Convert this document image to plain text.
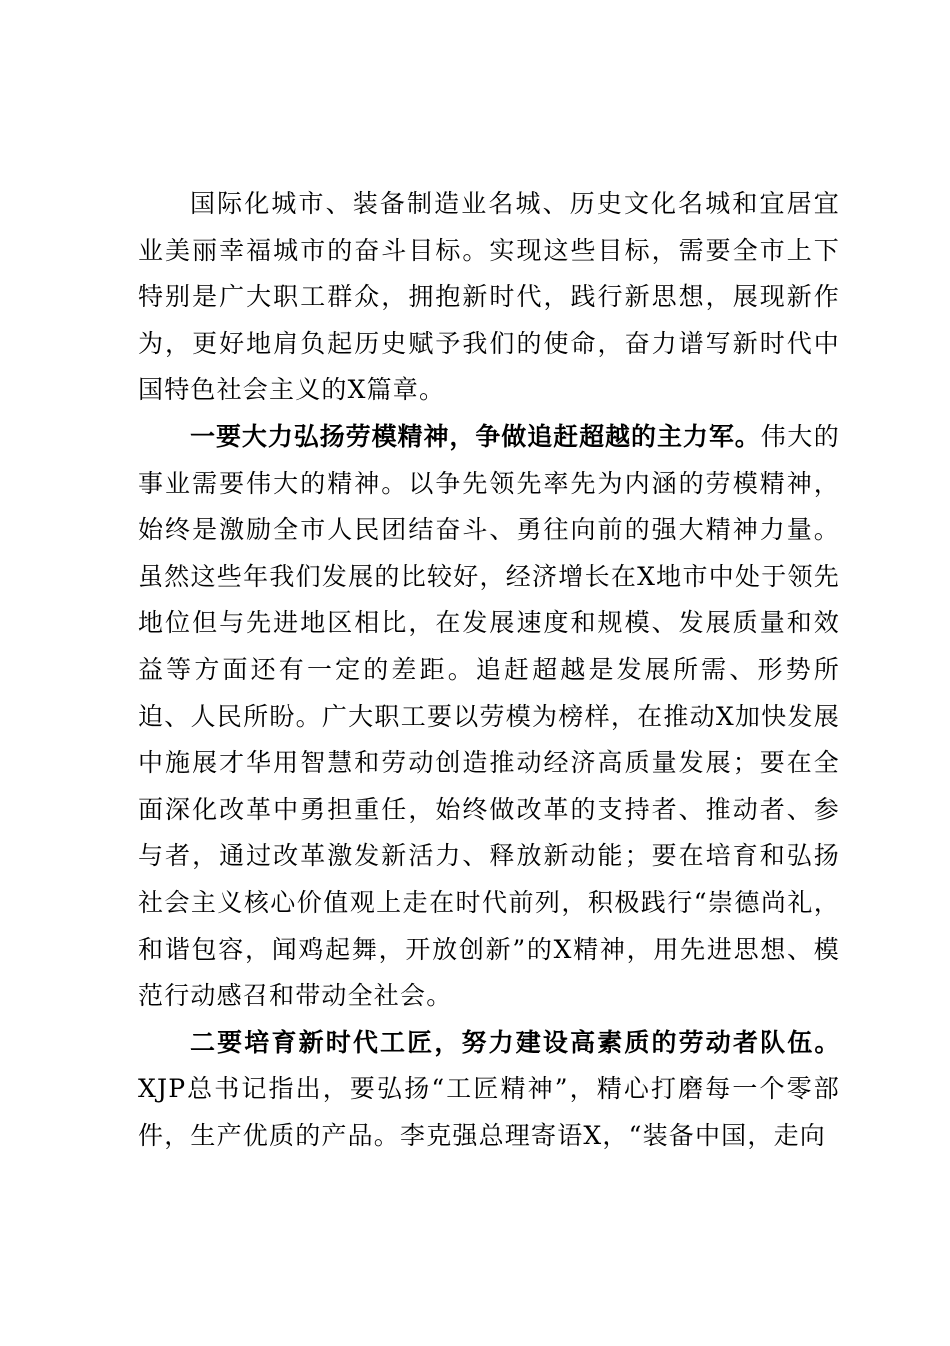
国际化城市、装备制造业名城、历史文化名城和宜居宜业美丽幸福城市的奋斗目标。实现这些目标，需要全市上下特别是广大职工群众，拥抱新时代，践行新思想，展现新作为，更好地肩负起历史赋予我们的使命，奋力谱写新时代中国特色社会主义的X篇章。

一要大力弘扬劳模精神，争做追赶超越的主力军。伟大的事业需要伟大的精神。以争先领先率先为内涵的劳模精神，始终是激励全市人民团结奋斗、勇往向前的强大精神力量。虽然这些年我们发展的比较好，经济增长在X地市中处于领先地位但与先进地区相比，在发展速度和规模、发展质量和效益等方面还有一定的差距。追赶超越是发展所需、形势所迫、人民所盼。广大职工要以劳模为榜样，在推动X加快发展中施展才华用智慧和劳动创造推动经济高质量发展；要在全面深化改革中勇担重任，始终做改革的支持者、推动者、参与者，通过改革激发新活力、释放新动能；要在培育和弘扬社会主义核心价值观上走在时代前列，积极践行“崇德尚礼，和谐包容，闻鸡起舞，开放创新”的X精神，用先进思想、模范行动感召和带动全社会。

二要培育新时代工匠，努力建设高素质的劳动者队伍。XJP总书记指出，要弘扬“工匠精神”，精心打磨每一个零部件，生产优质的产品。李克强总理寄语X，“装备中国，走向
